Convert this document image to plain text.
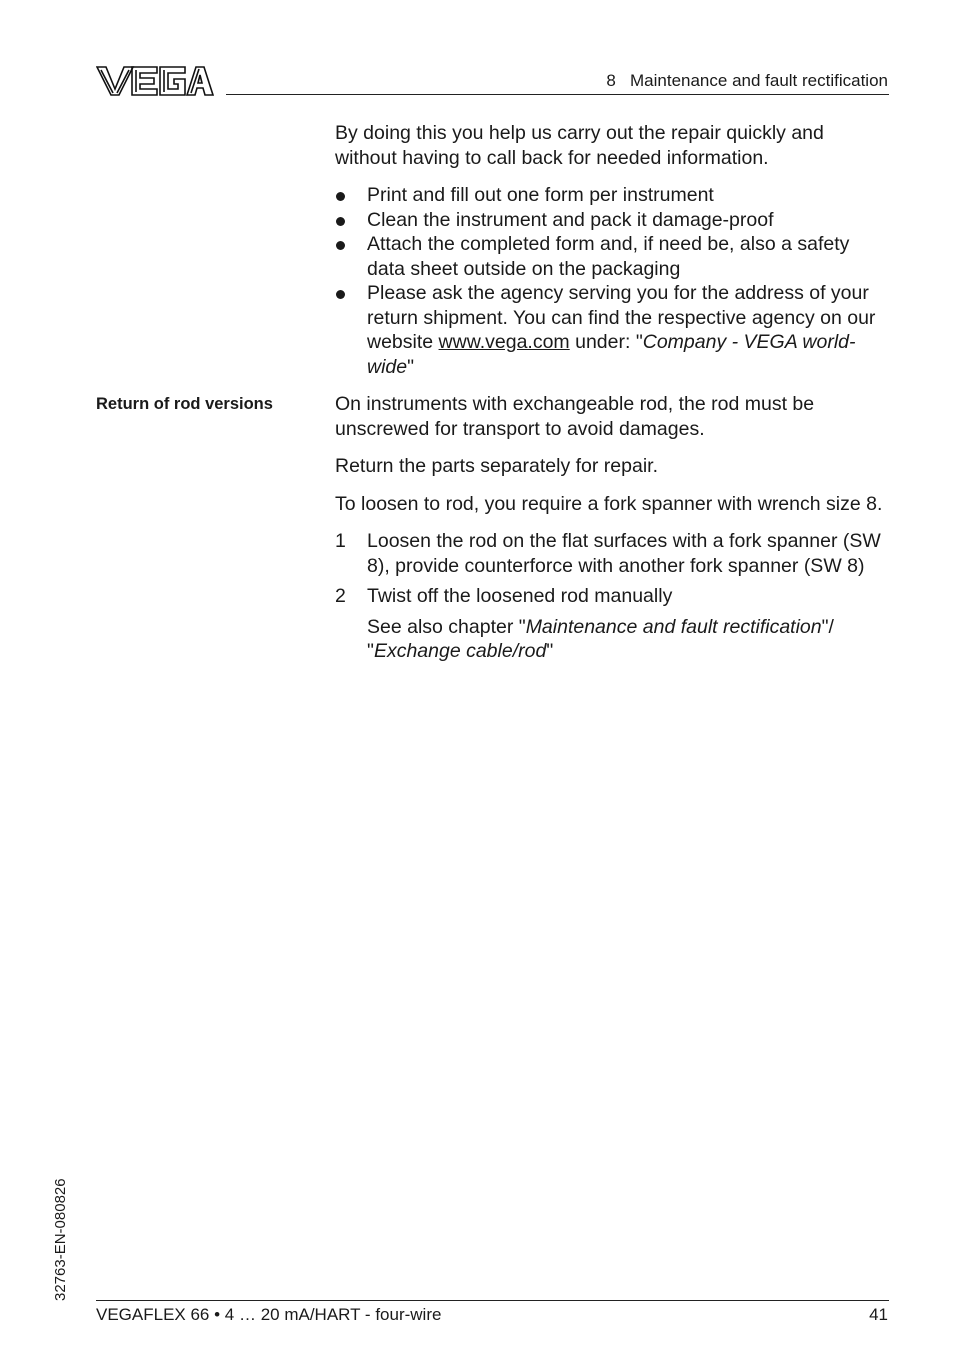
8   Maintenance and fault rectification

By doing this you help us carry out the repair quickly and without having to call back for needed information.

Print and fill out one form per instrument
Clean the instrument and pack it damage-proof
Attach the completed form and, if need be, also a safety data sheet outside on the packaging
Please ask the agency serving you for the address of your return shipment. You can find the respective agency on our website www.vega.com under: "Company - VEGA world-wide"
Return of rod versions	On instruments with exchangeable rod, the rod must be unscrewed for transport to avoid damages.

Return the parts separately for repair.

To loosen to rod, you require a fork spanner with wrench size 8.

1 Loosen the rod on the flat surfaces with a fork spanner (SW 8), provide counterforce with another fork spanner (SW 8)
2 Twist off the loosened rod manually

See also chapter "Maintenance and fault rectification"/ "Exchange cable/rod"

32763-EN-080826
VEGAFLEX 66 • 4 … 20 mA/HART - four-wire	41
